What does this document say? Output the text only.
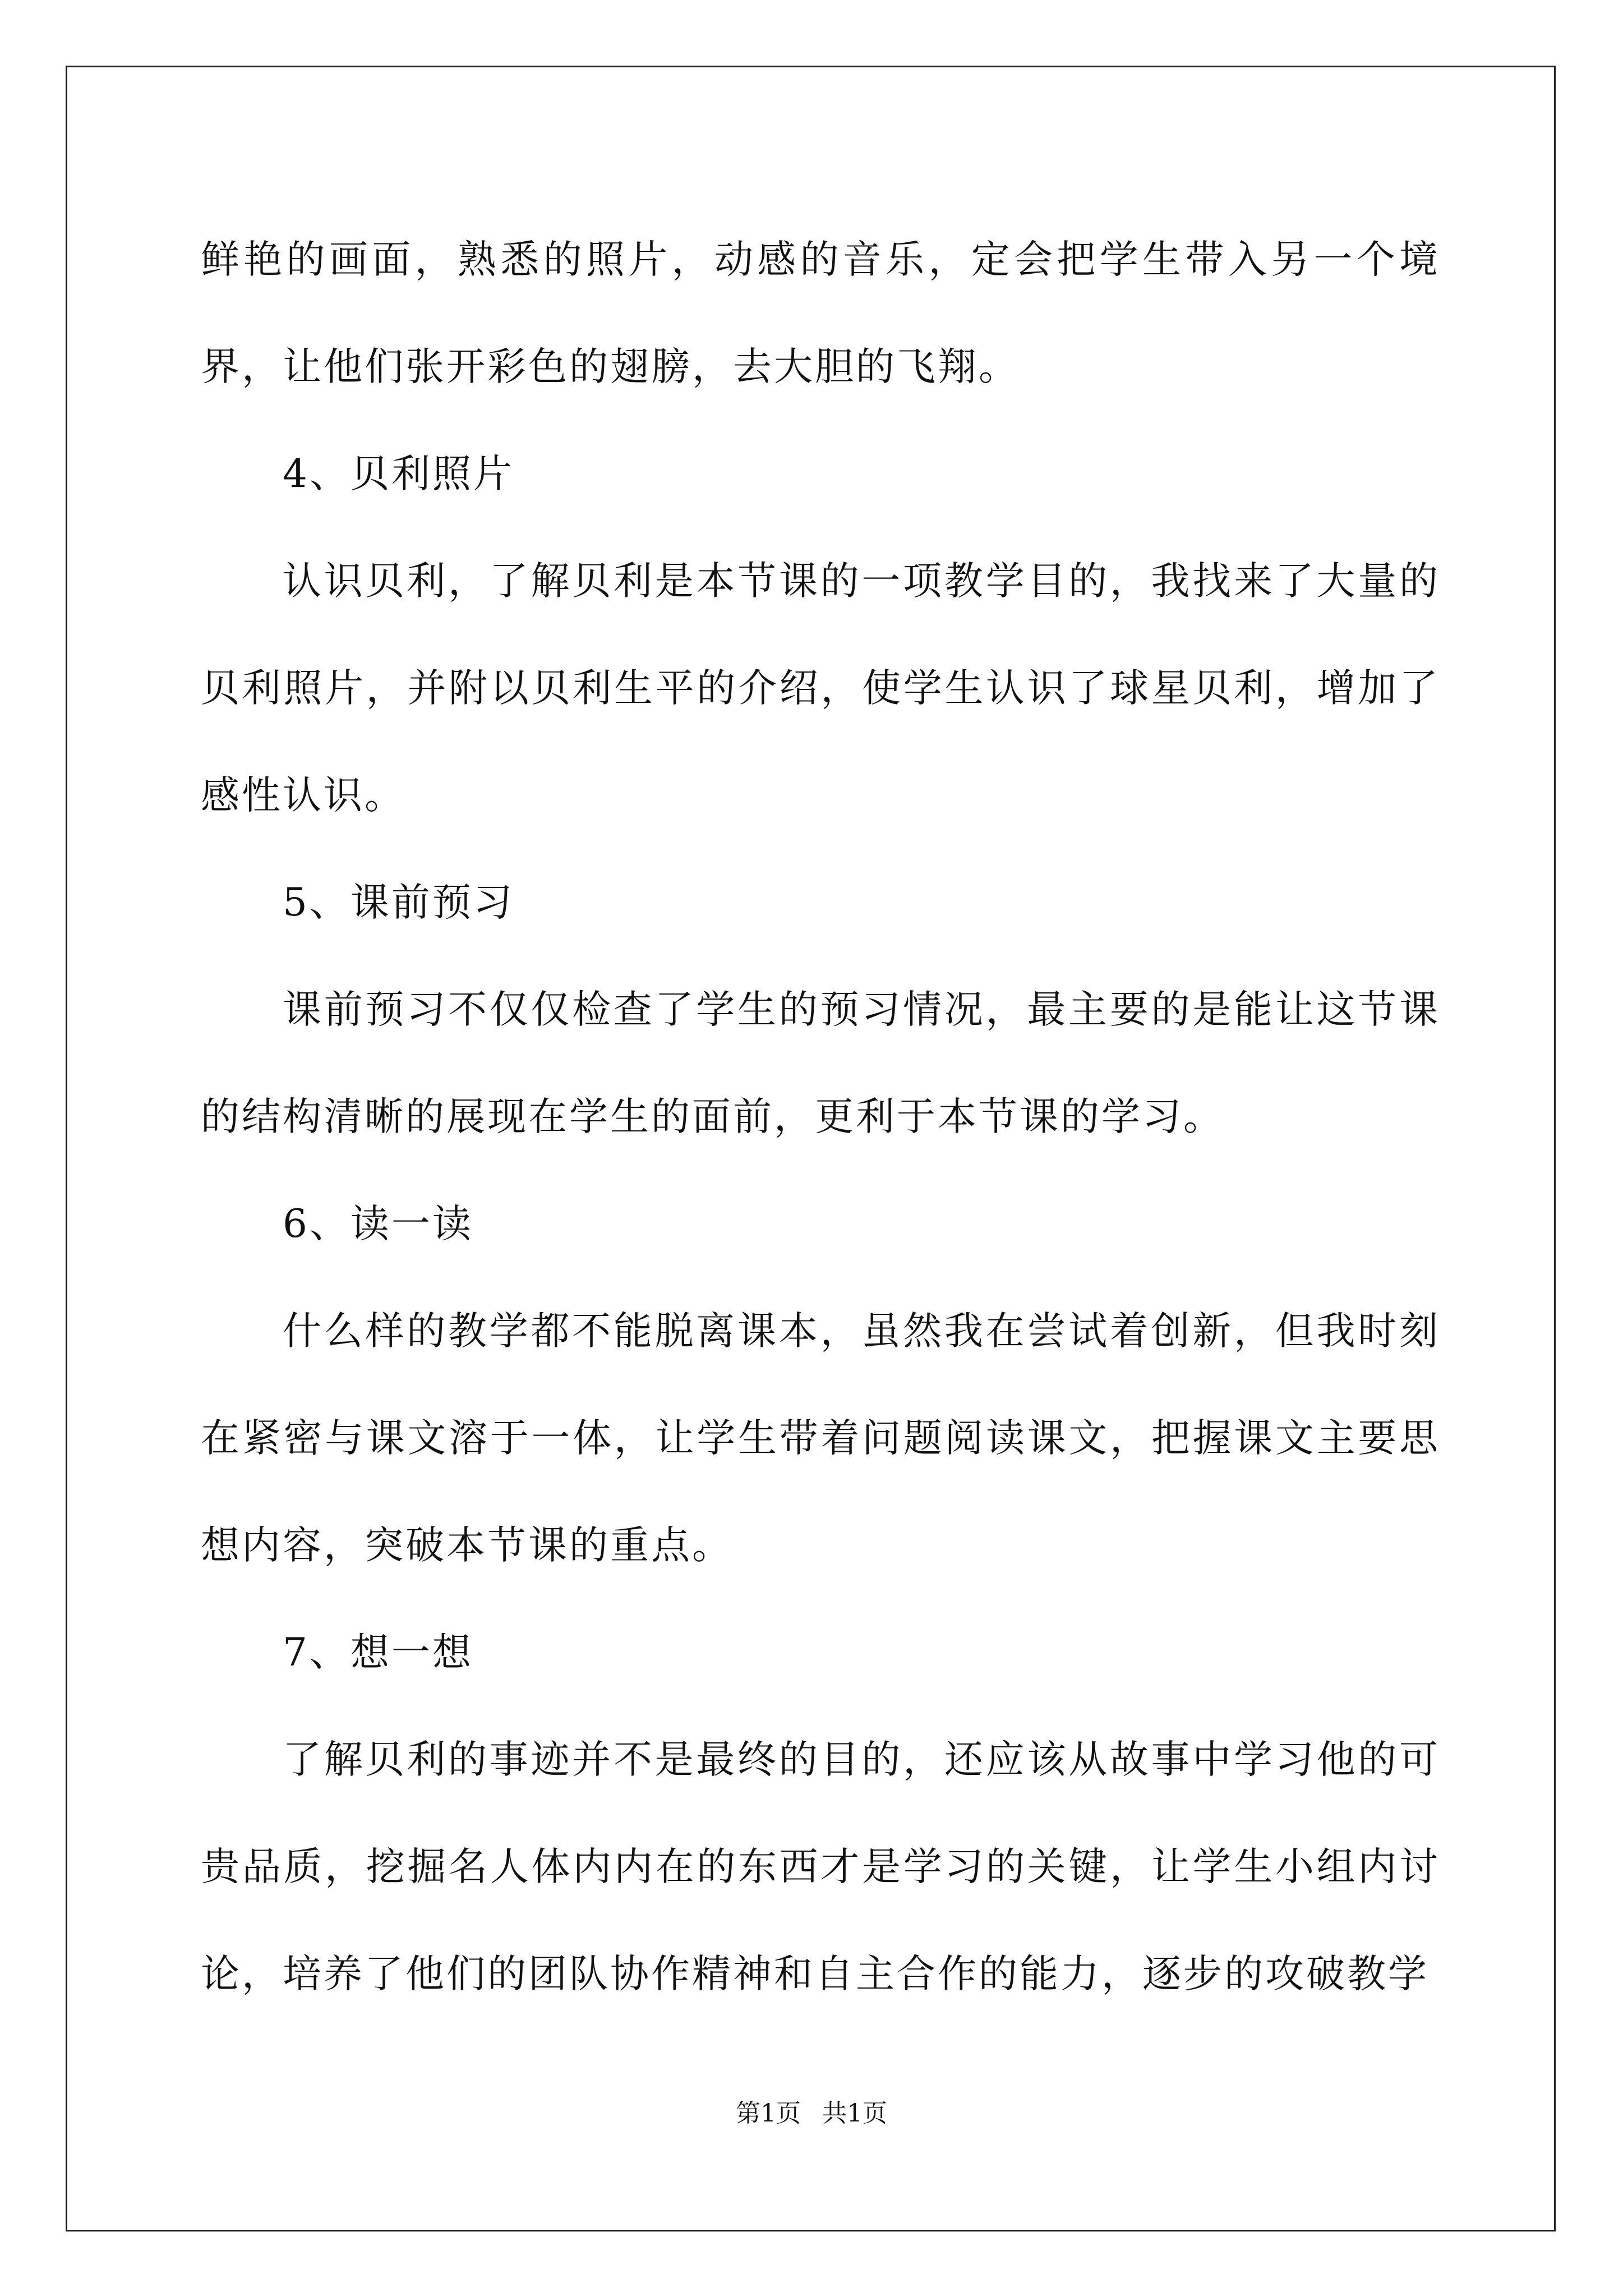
鲜艳的画面，熟悉的照片，动感的音乐，定会把学生带入另一个境界，让他们张开彩色的翅膀，去大胆的飞翔。

4、贝利照片

认识贝利，了解贝利是本节课的一项教学目的，我找来了大量的贝利照片，并附以贝利生平的介绍，使学生认识了球星贝利，增加了感性认识。

5、课前预习

课前预习不仅仅检查了学生的预习情况，最主要的是能让这节课的结构清晰的展现在学生的面前，更利于本节课的学习。

6、读一读

什么样的教学都不能脱离课本，虽然我在尝试着创新，但我时刻在紧密与课文溶于一体，让学生带着问题阅读课文，把握课文主要思想内容，突破本节课的重点。

7、想一想

了解贝利的事迹并不是最终的目的，还应该从故事中学习他的可贵品质，挖掘名人体内内在的东西才是学习的关键，让学生小组内讨论，培养了他们的团队协作精神和自主合作的能力，逐步的攻破教学

第1页 共1页
